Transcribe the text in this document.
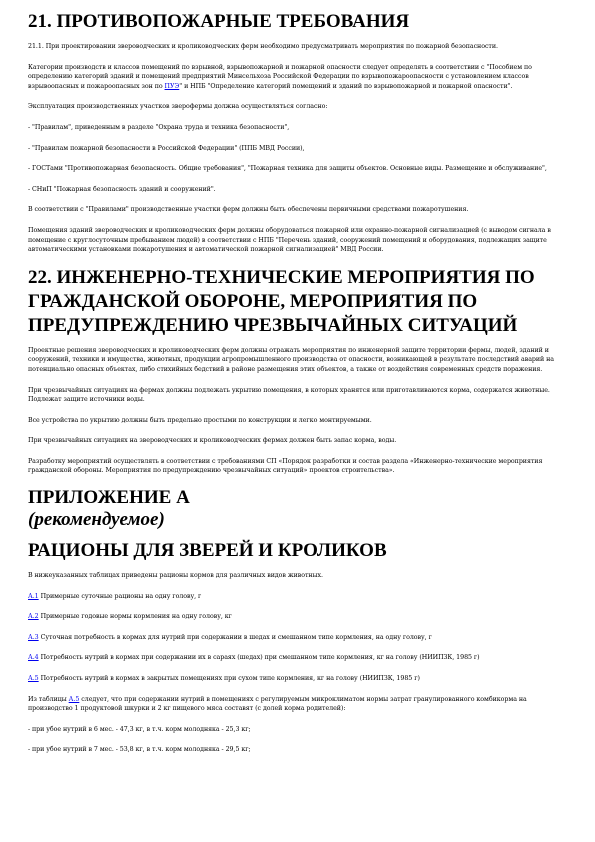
21. ПРОТИВОПОЖАРНЫЕ ТРЕБОВАНИЯ

21.1. При проектировании звероводческих и кролиководческих ферм необходимо предусматривать мероприятия по пожарной безопасности.

Категории производств и классов помещений по взрывной, взрывопожарной и пожарной опасности следует определять в соответствии с "Пособием по определению категорий зданий и помещений предприятий Минсельхоза Российской Федерации по взрывопожароопасности с установлением классов взрывоопасных и пожароопасных зон по ПУЭ" и НПБ "Определение категорий помещений и зданий по взрывопожарной и пожарной опасности".

Эксплуатация производственных участков зверофермы должна осуществляться согласно:

- "Правилам", приведенным в разделе "Охрана труда и техника безопасности",

- "Правилам пожарной безопасности в Российской Федерации" (ППБ МВД России),

- ГОСТами "Противопожарная безопасность. Общие требования", "Пожарная техника для защиты объектов. Основные виды. Размещение и обслуживание",

- СНиП "Пожарная безопасность зданий и сооружений".

В соответствии с "Правилами" производственные участки ферм должны быть обеспечены первичными средствами пожаротушения.

Помещения зданий звероводческих и кролиководческих ферм должны оборудоваться пожарной или охранно-пожарной сигнализацией (с выводом сигнала в помещение с круглосуточным пребыванием людей) в соответствии с НПБ "Перечень зданий, сооружений помещений и оборудования, подлежащих защите автоматическими установками пожаротушения и автоматической пожарной сигнализацией" МВД России.

22. ИНЖЕНЕРНО-ТЕХНИЧЕСКИЕ МЕРОПРИЯТИЯ ПО ГРАЖДАНСКОЙ ОБОРОНЕ, МЕРОПРИЯТИЯ ПО ПРЕДУПРЕЖДЕНИЮ ЧРЕЗВЫЧАЙНЫХ СИТУАЦИЙ

Проектные решения звероводческих и кролиководческих ферм должны отражать мероприятия по инженерной защите территории фермы, людей, зданий и сооружений, техники и имущества, животных, продукции агропромышленного производства от опасности, возникающей в результате последствий аварий на потенциально опасных объектах, либо стихийных бедствий в районе размещения этих объектов, а также от воздействия современных средств поражения.

При чрезвычайных ситуациях на фермах должны подлежать укрытию помещения, в которых хранятся или приготавливаются корма, содержатся животные. Подлежат защите источники воды.

Все устройства по укрытию должны быть предельно простыми по конструкции и легко монтируемыми.

При чрезвычайных ситуациях на звероводческих и кролиководческих фермах должен быть запас корма, воды.

Разработку мероприятий осуществлять в соответствии с требованиями СП «Порядок разработки и состав раздела «Инженерно-технические мероприятия гражданской обороны. Мероприятия по предупреждению чрезвычайных ситуаций» проектов строительства».

ПРИЛОЖЕНИЕ А
(рекомендуемое)
РАЦИОНЫ ДЛЯ ЗВЕРЕЙ И КРОЛИКОВ

В нижеуказанных таблицах приведены рационы кормов для различных видов животных.

А.1 Примерные суточные рационы на одну голову, г

А.2 Примерные годовые нормы кормления на одну голову, кг

А.3 Суточная потребность в кормах для нутрий при содержании в шедах и смешанном типе кормления, на одну голову, г

А.4 Потребность нутрий в кормах при содержании их в сараях (шедах) при смешанном типе кормления, кг на голову (НИИПЗК, 1985 г)

А.5 Потребность нутрий в кормах в закрытых помещениях при сухом типе кормления, кг на голову (НИИПЗК, 1985 г)

Из таблицы А.5 следует, что при содержании нутрий в помещениях с регулируемым микроклиматом нормы затрат гранулированного комбикорма на производство 1 продуктовой шкурки и 2 кг пищевого мяса составят (с долей корма родителей):

- при убое нутрий в 6 мес. - 47,3 кг, в т.ч. корм молодняка - 25,3 кг;

- при убое нутрий в 7 мес. - 53,8 кг, в т.ч. корм молодняка - 29,5 кг;
